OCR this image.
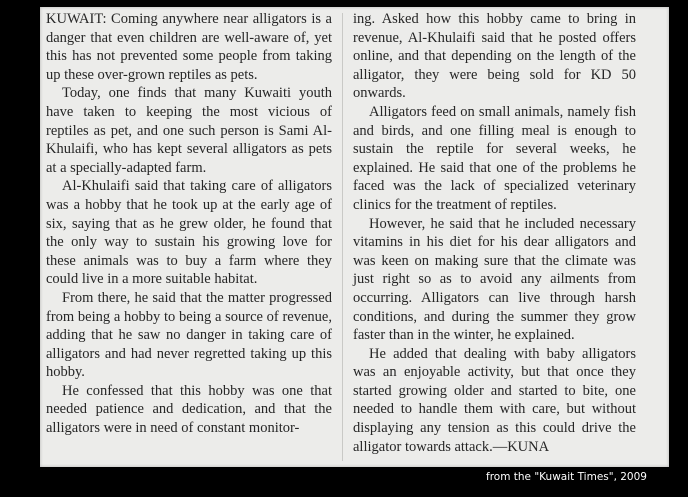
KUWAIT: Coming anywhere near alligators is a danger that even children are well-aware of, yet this has not prevented some people from taking up these over-grown reptiles as pets.

Today, one finds that many Kuwaiti youth have taken to keeping the most vicious of reptiles as pet, and one such person is Sami Al-Khulaifi, who has kept several alligators as pets at a specially-adapted farm.

Al-Khulaifi said that taking care of alligators was a hobby that he took up at the early age of six, saying that as he grew older, he found that the only way to sustain his growing love for these animals was to buy a farm where they could live in a more suitable habitat.

From there, he said that the matter progressed from being a hobby to being a source of revenue, adding that he saw no danger in taking care of alligators and had never regretted taking up this hobby.

He confessed that this hobby was one that needed patience and dedication, and that the alligators were in need of constant monitor-

ing. Asked how this hobby came to bring in revenue, Al-Khulaifi said that he posted offers online, and that depending on the length of the alligator, they were being sold for KD 50 onwards.

Alligators feed on small animals, namely fish and birds, and one filling meal is enough to sustain the reptile for several weeks, he explained. He said that one of the problems he faced was the lack of specialized veterinary clinics for the treatment of reptiles.

However, he said that he included necessary vitamins in his diet for his dear alligators and was keen on making sure that the climate was just right so as to avoid any ailments from occurring. Alligators can live through harsh conditions, and during the summer they grow faster than in the winter, he explained.

He added that dealing with baby alligators was an enjoyable activity, but that once they started growing older and started to bite, one needed to handle them with care, but without displaying any tension as this could drive the alligator towards attack.—KUNA

from the "Kuwait Times", 2009
